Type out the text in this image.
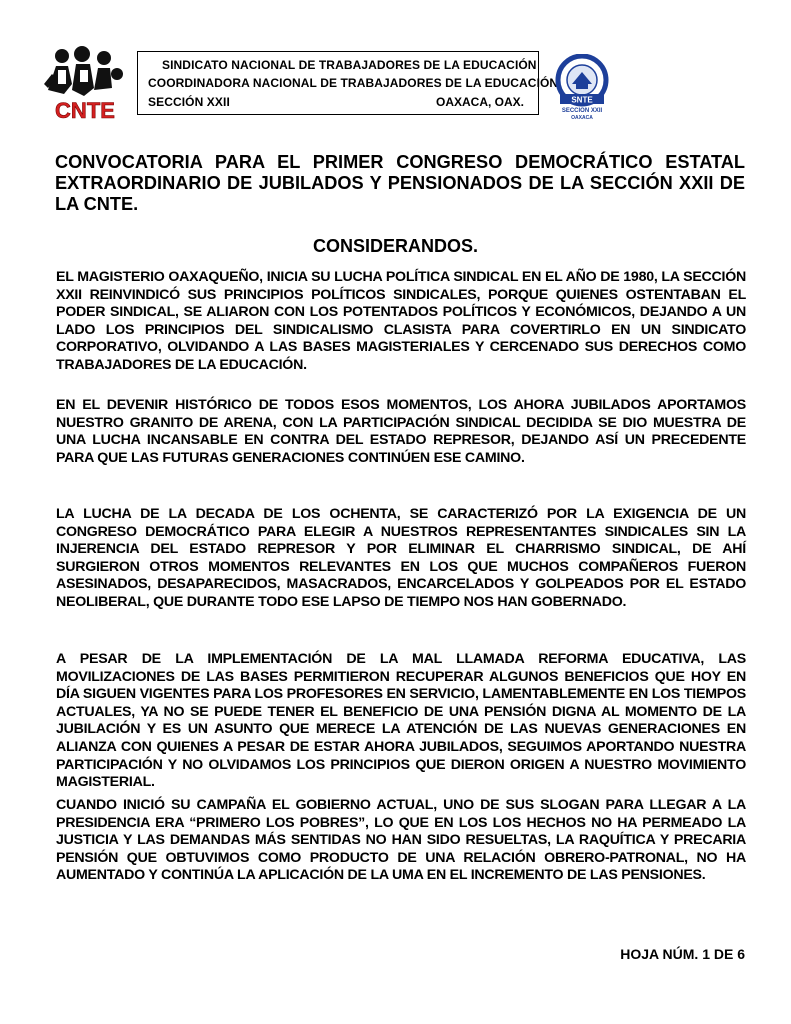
CNTE
SINDICATO NACIONAL DE TRABAJADORES DE LA EDUCACIÓN
COORDINADORA NACIONAL DE TRABAJADORES DE LA EDUCACIÓN
SECCIÓN XXII	OAXACA, OAX.	SNTE
SECCION XXII
OAXACA
CONVOCATORIA PARA EL PRIMER CONGRESO DEMOCRÁTICO ESTATAL EXTRAORDINARIO DE JUBILADOS Y PENSIONADOS DE LA SECCIÓN XXII DE LA CNTE.
CONSIDERANDOS.

EL MAGISTERIO OAXAQUEÑO, INICIA SU LUCHA POLÍTICA SINDICAL EN EL AÑO DE 1980, LA SECCIÓN XXII REINVINDICÓ SUS PRINCIPIOS POLÍTICOS SINDICALES, PORQUE QUIENES OSTENTABAN EL PODER SINDICAL, SE ALIARON CON LOS POTENTADOS POLÍTICOS Y ECONÓMICOS, DEJANDO A UN LADO LOS PRINCIPIOS DEL SINDICALISMO CLASISTA PARA COVERTIRLO EN UN SINDICATO CORPORATIVO, OLVIDANDO A LAS BASES MAGISTERIALES Y CERCENADO SUS DERECHOS COMO TRABAJADORES DE LA EDUCACIÓN.

EN EL DEVENIR HISTÓRICO DE TODOS ESOS MOMENTOS, LOS AHORA JUBILADOS APORTAMOS NUESTRO GRANITO DE ARENA, CON LA PARTICIPACIÓN SINDICAL DECIDIDA SE DIO MUESTRA DE UNA LUCHA INCANSABLE EN CONTRA DEL ESTADO REPRESOR, DEJANDO ASÍ UN PRECEDENTE PARA QUE LAS FUTURAS GENERACIONES CONTINÚEN ESE CAMINO.

LA LUCHA DE LA DECADA DE LOS OCHENTA, SE CARACTERIZÓ POR LA EXIGENCIA DE UN CONGRESO DEMOCRÁTICO PARA ELEGIR A NUESTROS REPRESENTANTES SINDICALES SIN LA INJERENCIA DEL ESTADO REPRESOR Y POR ELIMINAR EL CHARRISMO SINDICAL, DE AHÍ SURGIERON OTROS MOMENTOS RELEVANTES EN LOS QUE MUCHOS COMPAÑEROS FUERON ASESINADOS, DESAPARECIDOS, MASACRADOS, ENCARCELADOS Y GOLPEADOS POR EL ESTADO NEOLIBERAL, QUE DURANTE TODO ESE LAPSO DE TIEMPO NOS HAN GOBERNADO.

A PESAR DE LA IMPLEMENTACIÓN DE LA MAL LLAMADA REFORMA EDUCATIVA, LAS MOVILIZACIONES DE LAS BASES PERMITIERON RECUPERAR ALGUNOS BENEFICIOS QUE HOY EN DÍA SIGUEN VIGENTES PARA LOS PROFESORES EN SERVICIO, LAMENTABLEMENTE EN LOS TIEMPOS ACTUALES, YA NO SE PUEDE TENER EL BENEFICIO DE UNA PENSIÓN DIGNA AL MOMENTO DE LA JUBILACIÓN Y ES UN ASUNTO QUE MERECE LA ATENCIÓN DE LAS NUEVAS GENERACIONES EN ALIANZA CON QUIENES A PESAR DE ESTAR AHORA JUBILADOS, SEGUIMOS APORTANDO NUESTRA PARTICIPACIÓN Y NO OLVIDAMOS LOS PRINCIPIOS QUE DIERON ORIGEN A NUESTRO MOVIMIENTO MAGISTERIAL.

CUANDO INICIÓ SU CAMPAÑA EL GOBIERNO ACTUAL, UNO DE SUS SLOGAN PARA LLEGAR A LA PRESIDENCIA ERA “PRIMERO LOS POBRES”, LO QUE EN LOS LOS HECHOS NO HA PERMEADO LA JUSTICIA Y LAS DEMANDAS MÁS SENTIDAS NO HAN SIDO RESUELTAS, LA RAQUÍTICA Y PRECARIA PENSIÓN QUE OBTUVIMOS COMO PRODUCTO DE UNA RELACIÓN OBRERO-PATRONAL, NO HA AUMENTADO Y CONTINÚA LA APLICACIÓN DE LA UMA EN EL INCREMENTO DE LAS PENSIONES.

HOJA NÚM. 1 DE 6
